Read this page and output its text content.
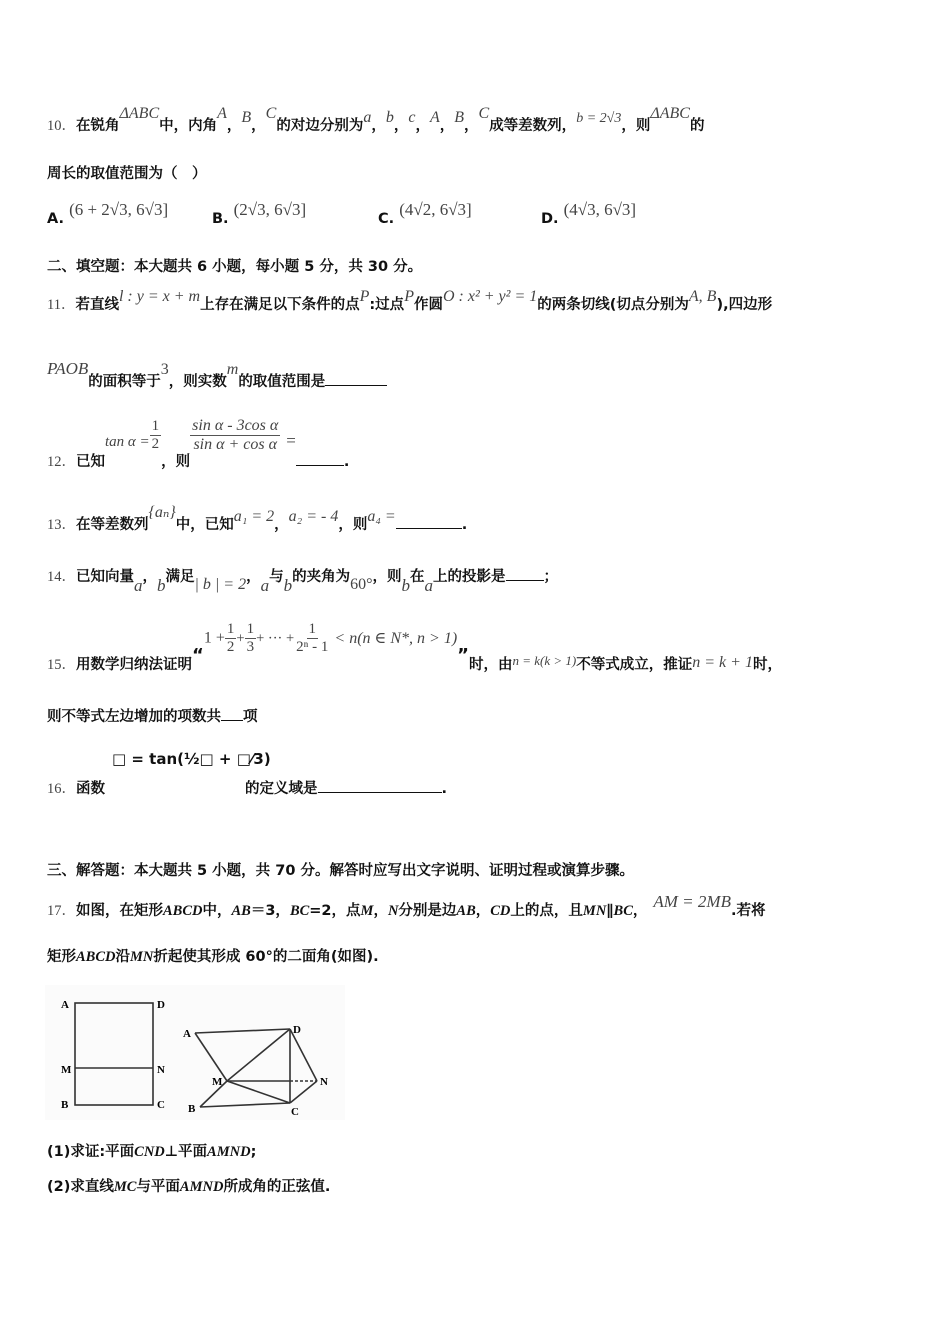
10．在锐角ΔABC中，内角A，B，C的对边分别为a，b，c，A，B，C成等差数列，b = 2√3，则ΔABC的
周长的取值范围为（　）
A. (6 + 2√3, 6√3]	B. (2√3, 6√3]	C. (4√2, 6√3]	D. (4√3, 6√3]
二、填空题：本大题共 6 小题，每小题 5 分，共 30 分。
11．若直线l : y = x + m上存在满足以下条件的点P:过点P作圆O : x² + y² = 1的两条切线(切点分别为A, B),四边形
PAOB的面积等于3，则实数m的取值范围是
12．已知$\tan \alpha = \frac{1}{2}$
，则
$\frac{\text{sin α - 3cos α}}{\text{sin α + cos α}}$ =.
13．在等差数列{aₙ}中，已知a₁ = 2，a₂ = - 4，则a₄ =	.
14．已知向量a，b满足| b | = 2，a与b的夹角为60°，则b在a上的投影是	；
15．用数学归纳法证明“$1 + \frac{1}{2} + \frac{1}{3}$ + ··· + $\frac{1}{\text{2ⁿ - 1}} < n(n$ ∈ N*, n > 1)”时，由n = k(k > 1)不等式成立，推证n = k + 1时，
则不等式左边增加的项数共 项
□ = tan(½□ + □⁄3)
16．函数	的定义域是	.
三、解答题：本大题共 5 小题，共 70 分。解答时应写出文字说明、证明过程或演算步骤。
17．如图，在矩形ABCD中，AB＝3，BC=2，点M，N分别是边AB，CD上的点，且MN∥BC， AM = 2MB.若将
矩形ABCD沿MN折起使其形成 60°的二面角(如图).
A	D
M	N
B	C
A	D
M	N
B	C
(1)求证:平面CND⊥平面AMND;
(2)求直线MC与平面AMND所成角的正弦值.
